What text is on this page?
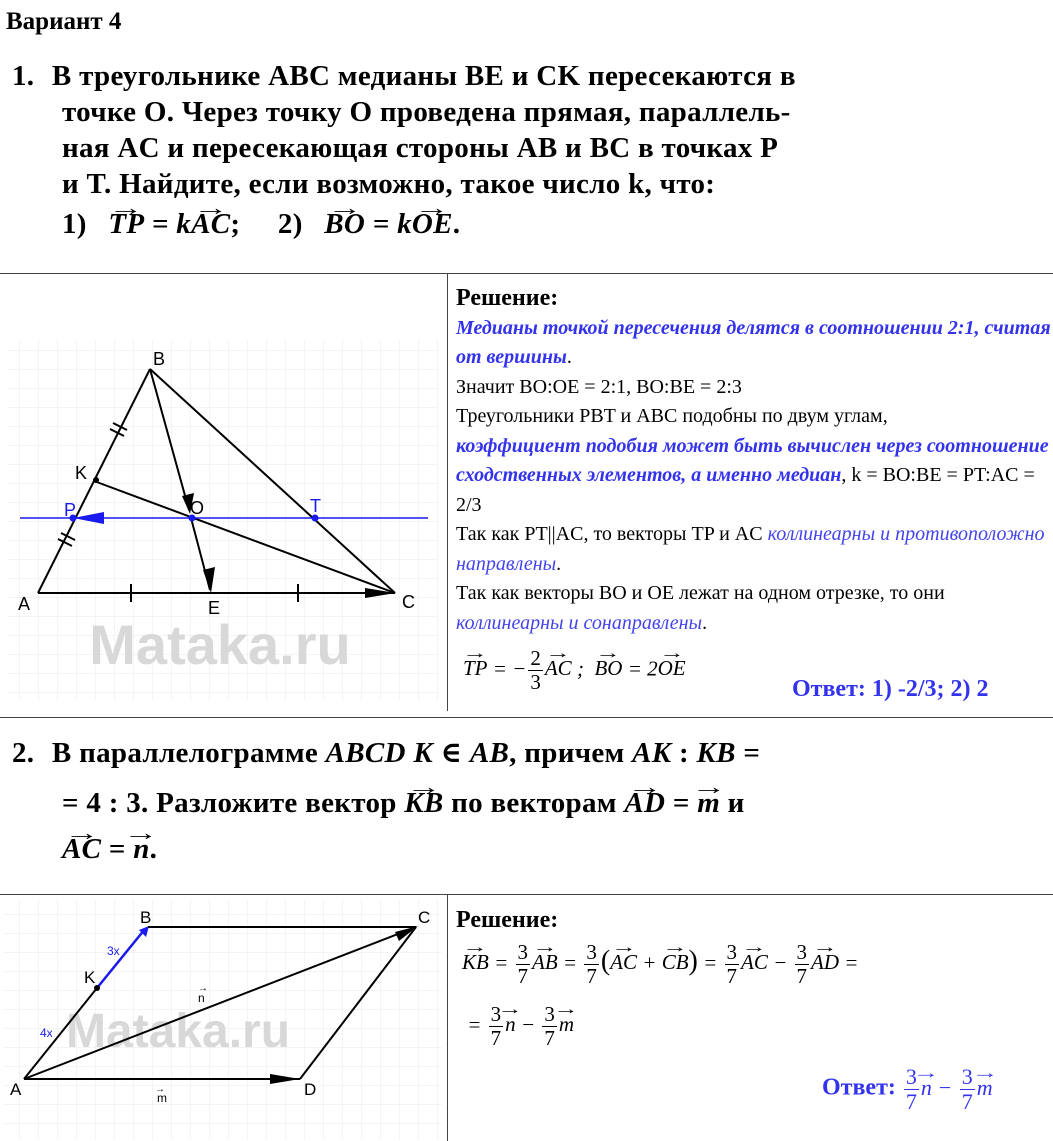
Вариант 4
1. В треугольнике ABC медианы BE и CK пересекаются в
точке O. Через точку O проведена прямая, параллель-
ная AC и пересекающая стороны AB и BC в точках P
и T. Найдите, если возможно, такое число k, что:
1) TP → = kAC →; 2) BO → = kOE →.
Mataka.ru
B
K
P	O	T
A	E	C
Решение:
Медианы точкой пересечения делятся в соотношении 2:1, считая от вершины.
Значит BO:OE = 2:1, BO:BE = 2:3
Треугольники PBT и ABC подобны по двум углам,
коэффициент подобия может быть вычислен через соотношение сходственных элементов, а именно медиан, k = BO:BE = PT:AC = 2/3
Так как PT||AC, то векторы TP и AC коллинеарны и противоположно направлены.
Так как векторы BO и OE лежат на одном отрезке, то они коллинеарны и сонаправлены.
TP → = − $\frac{2}{3}$ AC → ;  BO → = 2OE →
Ответ: 1) -2/3; 2) 2
2. В параллелограмме ABCD K ∈ AB, причем AK : KB =
= 4 : 3. Разложите вектор KB → по векторам AD → = m → и
AC → = n →.
Mataka.ru
B	C
K
A	D
3x
4x
n
→
m
→
Решение:
KB → = $\frac{3}{7}$ AB → = $\frac{3}{7} (AC$ → + CB →) = $\frac{3}{7}$ AC → − $\frac{3}{7}$ AD → =
= $\frac{3}{7}$ n → − $\frac{3}{7}$ m →
Ответ: $\frac{3}{7}$ n → − $\frac{3}{7}$ m →
